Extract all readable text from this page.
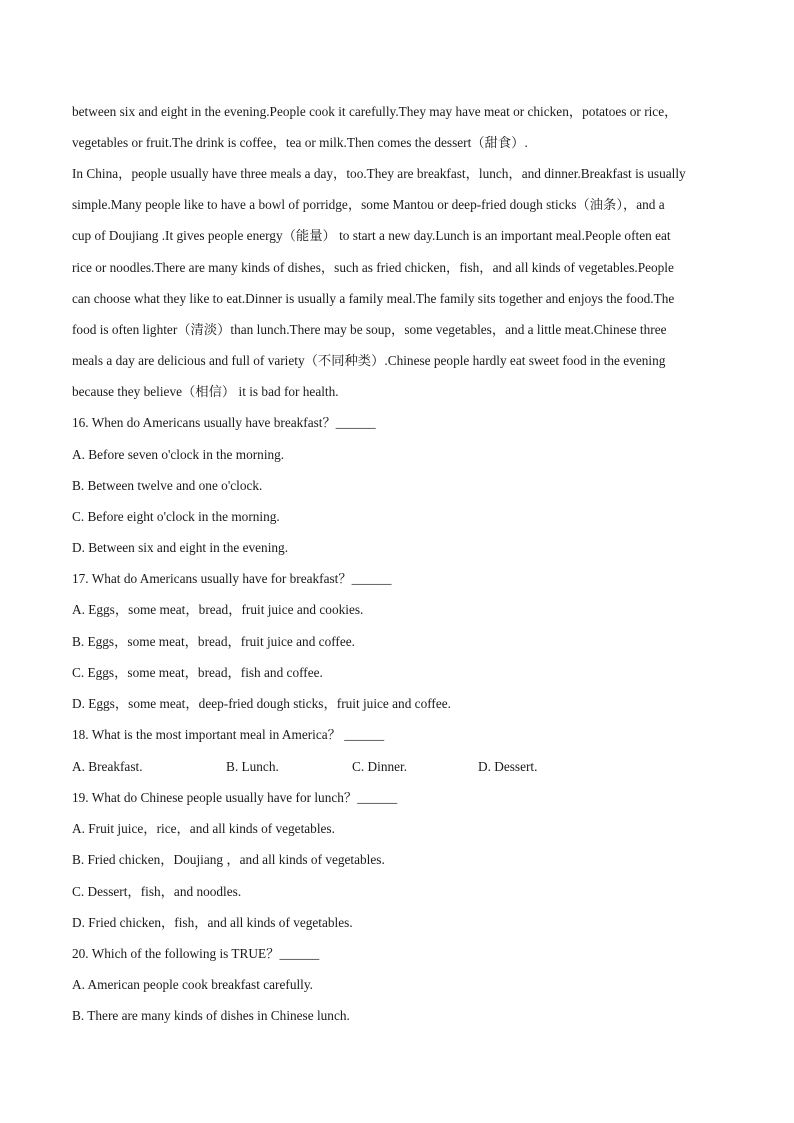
between six and eight in the evening.People cook it carefully.They may have meat or chicken，potatoes or rice，
vegetables or fruit.The drink is coffee，tea or milk.Then comes the dessert（甜食）.
In China，people usually have three meals a day，too.They are breakfast，lunch，and dinner.Breakfast is usually
simple.Many people like to have a bowl of porridge，some Mantou or deep-fried dough sticks（油条），and a
cup of Doujiang .It gives people energy（能量） to start a new day.Lunch is an important meal.People often eat
rice or noodles.There are many kinds of dishes，such as fried chicken，fish，and all kinds of vegetables.People
can choose what they like to eat.Dinner is usually a family meal.The family sits together and enjoys the food.The
food is often lighter（清淡）than lunch.There may be soup，some vegetables，and a little meat.Chinese three
meals a day are delicious and full of variety（不同种类）.Chinese people hardly eat sweet food in the evening
because they believe（相信） it is bad for health.
16. When do Americans usually have breakfast？______
A. Before seven o'clock in the morning.
B. Between twelve and one o'clock.
C. Before eight o'clock in the morning.
D. Between six and eight in the evening.
17. What do Americans usually have for breakfast？______
A. Eggs，some meat，bread，fruit juice and cookies.
B. Eggs，some meat，bread，fruit juice and coffee.
C. Eggs，some meat，bread，fish and coffee.
D. Eggs，some meat，deep-fried dough sticks，fruit juice and coffee.
18. What is the most important meal in America？ ______
A. Breakfast.	B. Lunch.	C. Dinner.	D. Dessert.
19. What do Chinese people usually have for lunch？______
A. Fruit juice，rice，and all kinds of vegetables.
B. Fried chicken，Doujiang ，and all kinds of vegetables.
C. Dessert，fish，and noodles.
D. Fried chicken，fish，and all kinds of vegetables.
20. Which of the following is TRUE？______
A. American people cook breakfast carefully.
B. There are many kinds of dishes in Chinese lunch.
